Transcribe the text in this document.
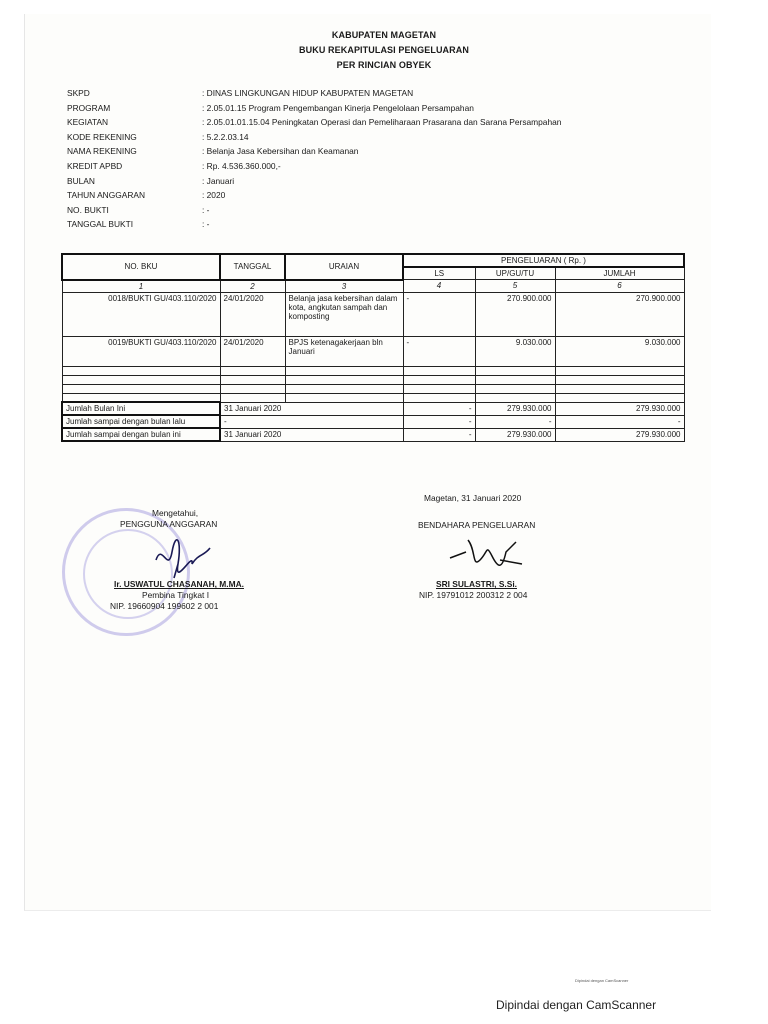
KABUPATEN MAGETAN
BUKU REKAPITULASI PENGELUARAN
PER RINCIAN OBYEK
SKPD	: DINAS LINGKUNGAN HIDUP KABUPATEN MAGETAN
PROGRAM	: 2.05.01.15 Program Pengembangan Kinerja Pengelolaan Persampahan
KEGIATAN	: 2.05.01.01.15.04 Peningkatan Operasi dan Pemeliharaan Prasarana dan Sarana Persampahan
KODE REKENING	: 5.2.2.03.14
NAMA REKENING	: Belanja Jasa Kebersihan dan Keamanan
KREDIT APBD	: Rp. 4.536.360.000,-
BULAN	: Januari
TAHUN ANGGARAN	: 2020
NO. BUKTI	: -
TANGGAL BUKTI	: -
NO. BKU	TANGGAL	URAIAN	PENGELUARAN ( Rp. )		
			LS	UP/GU/TU	JUMLAH
1	2	3	4	5	6
0018/BUKTI GU/403.110/2020	24/01/2020	Belanja jasa kebersihan dalam kota, angkutan sampah dan komposting	-	270.900.000	270.900.000
0019/BUKTI GU/403.110/2020	24/01/2020	BPJS ketenagakerjaan bln Januari	-	9.030.000	9.030.000

Jumlah Bulan Ini	31 Januari 2020		-	279.930.000	279.930.000
Jumlah sampai dengan bulan lalu	-		-	-	-
Jumlah sampai dengan bulan ini	31 Januari 2020		-	279.930.000	279.930.000
Mengetahui,
PENGGUNA ANGGARAN
Ir. USWATUL CHASANAH, M.MA.
Pembina Tingkat I
NIP. 19660904 199602 2 001
Magetan, 31 Januari 2020
BENDAHARA PENGELUARAN
SRI SULASTRI, S.Si.
NIP. 19791012 200312 2 004
Dipindai dengan CamScanner
Dipindai dengan CamScanner
